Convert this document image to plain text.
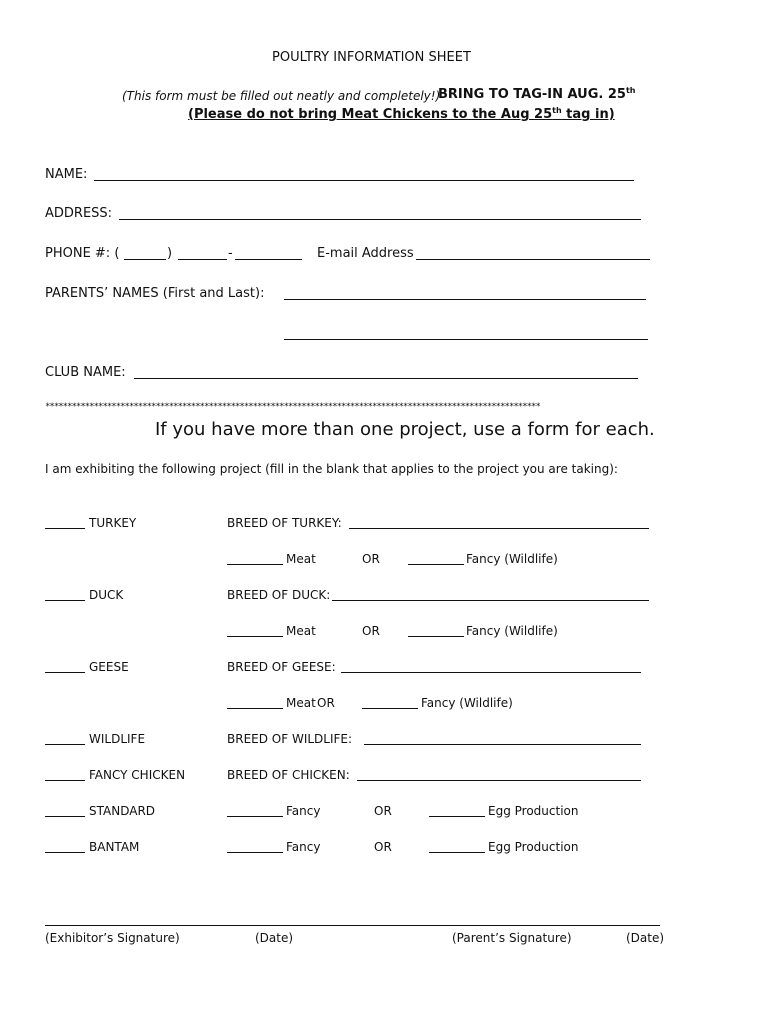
POULTRY INFORMATION SHEET
(This form must be filled out neatly and completely!)
BRING TO TAG-IN AUG. 25th
(Please do not bring Meat Chickens to the Aug 25th tag in)
NAME:
ADDRESS:
PHONE #: (	)	-	E-mail Address
PARENTS’ NAMES (First and Last):
CLUB NAME:
****************************************************************************************************************
If you have more than one project, use a form for each.
I am exhibiting the following project (fill in the blank that applies to the project you are taking):
TURKEY	BREED OF TURKEY:
Meat	OR	Fancy (Wildlife)
DUCK	BREED OF DUCK:
Meat	OR	Fancy (Wildlife)
GEESE	BREED OF GEESE:
Meat OR	Fancy (Wildlife)
WILDLIFE	BREED OF WILDLIFE:
FANCY CHICKEN	BREED OF CHICKEN:
STANDARD	Fancy	OR	Egg Production
BANTAM	Fancy	OR	Egg Production
(Exhibitor’s Signature)	(Date)	(Parent’s Signature)	(Date)
